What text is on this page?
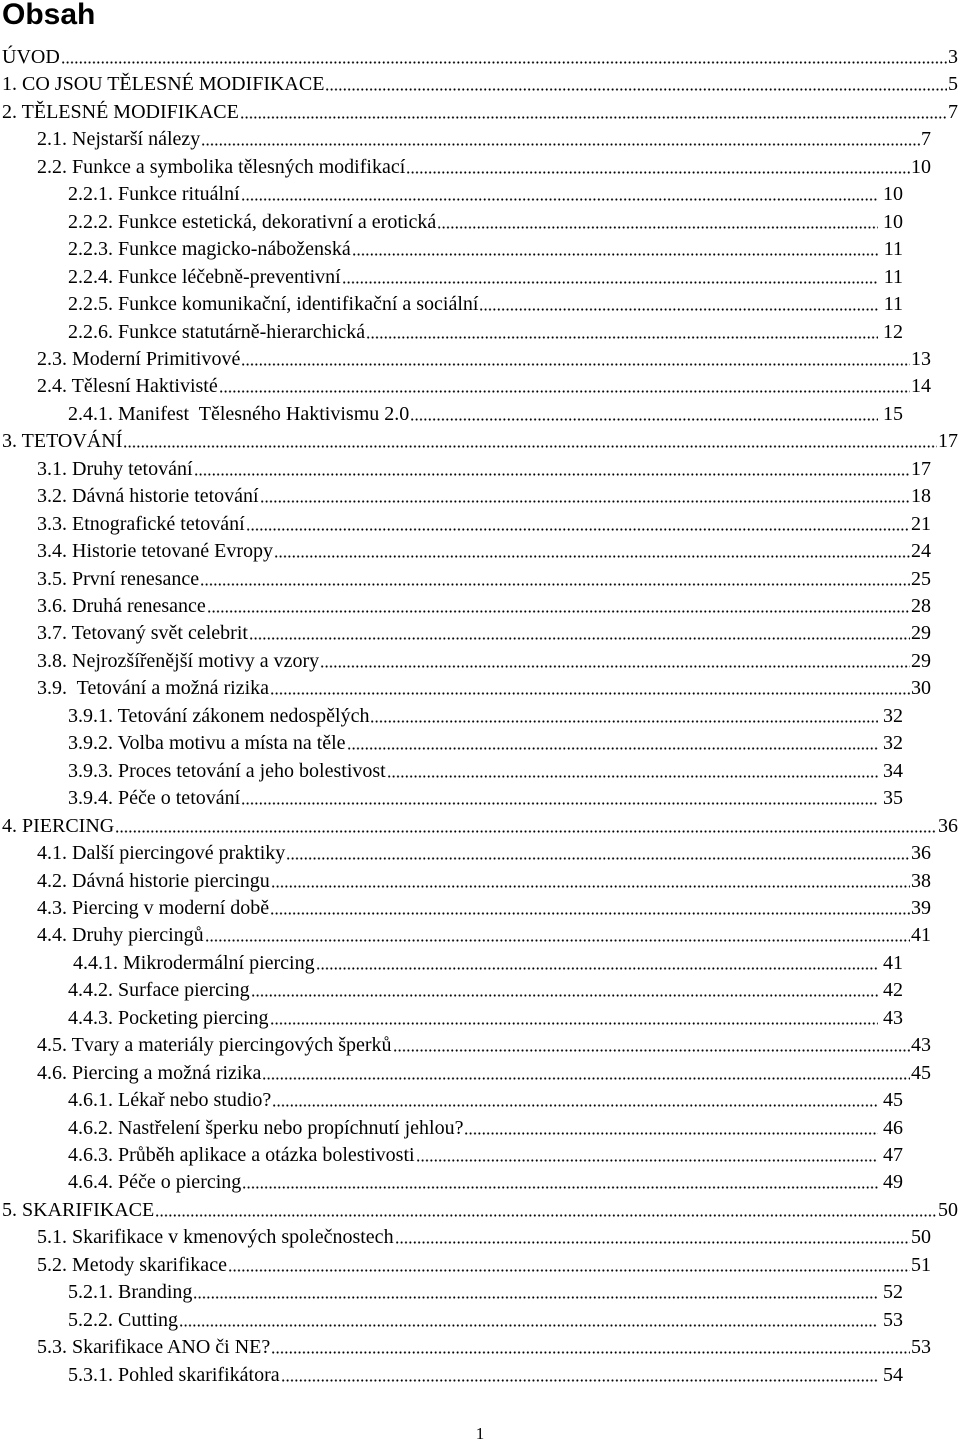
Obsah
ÚVOD	3
1. CO JSOU TĚLESNÉ MODIFIKACE	5
2. TĚLESNÉ MODIFIKACE	7
2.1. Nejstarší nálezy	7
2.2. Funkce a symbolika tělesných modifikací	10
2.2.1. Funkce rituální	10
2.2.2. Funkce estetická, dekorativní a erotická	10
2.2.3. Funkce magicko-náboženská	11
2.2.4. Funkce léčebně-preventivní	11
2.2.5. Funkce komunikační, identifikační a sociální	11
2.2.6. Funkce statutárně-hierarchická	12
2.3. Moderní Primitivové	13
2.4. Tělesní Haktivisté	14
2.4.1. Manifest  Tělesného Haktivismu 2.0	15
3. TETOVÁNÍ	17
3.1. Druhy tetování	17
3.2. Dávná historie tetování	18
3.3. Etnografické tetování	21
3.4. Historie tetované Evropy	24
3.5. První renesance	25
3.6. Druhá renesance	28
3.7. Tetovaný svět celebrit	29
3.8. Nejrozšířenější motivy a vzory	29
3.9.  Tetování a možná rizika	30
3.9.1. Tetování zákonem nedospělých	32
3.9.2. Volba motivu a místa na těle	32
3.9.3. Proces tetování a jeho bolestivost	34
3.9.4. Péče o tetování	35
4. PIERCING	36
4.1. Další piercingové praktiky	36
4.2. Dávná historie piercingu	38
4.3. Piercing v moderní době	39
4.4. Druhy piercingů	41
4.4.1. Mikrodermální piercing	41
4.4.2. Surface piercing	42
4.4.3. Pocketing piercing	43
4.5. Tvary a materiály piercingových šperků	43
4.6. Piercing a možná rizika	45
4.6.1. Lékař nebo studio?	45
4.6.2. Nastřelení šperku nebo propíchnutí jehlou?	46
4.6.3. Průběh aplikace a otázka bolestivosti	47
4.6.4. Péče o piercing	49
5. SKARIFIKACE	50
5.1. Skarifikace v kmenových společnostech	50
5.2. Metody skarifikace	51
5.2.1. Branding	52
5.2.2. Cutting	53
5.3. Skarifikace ANO či NE?	53
5.3.1. Pohled skarifikátora	54
1
